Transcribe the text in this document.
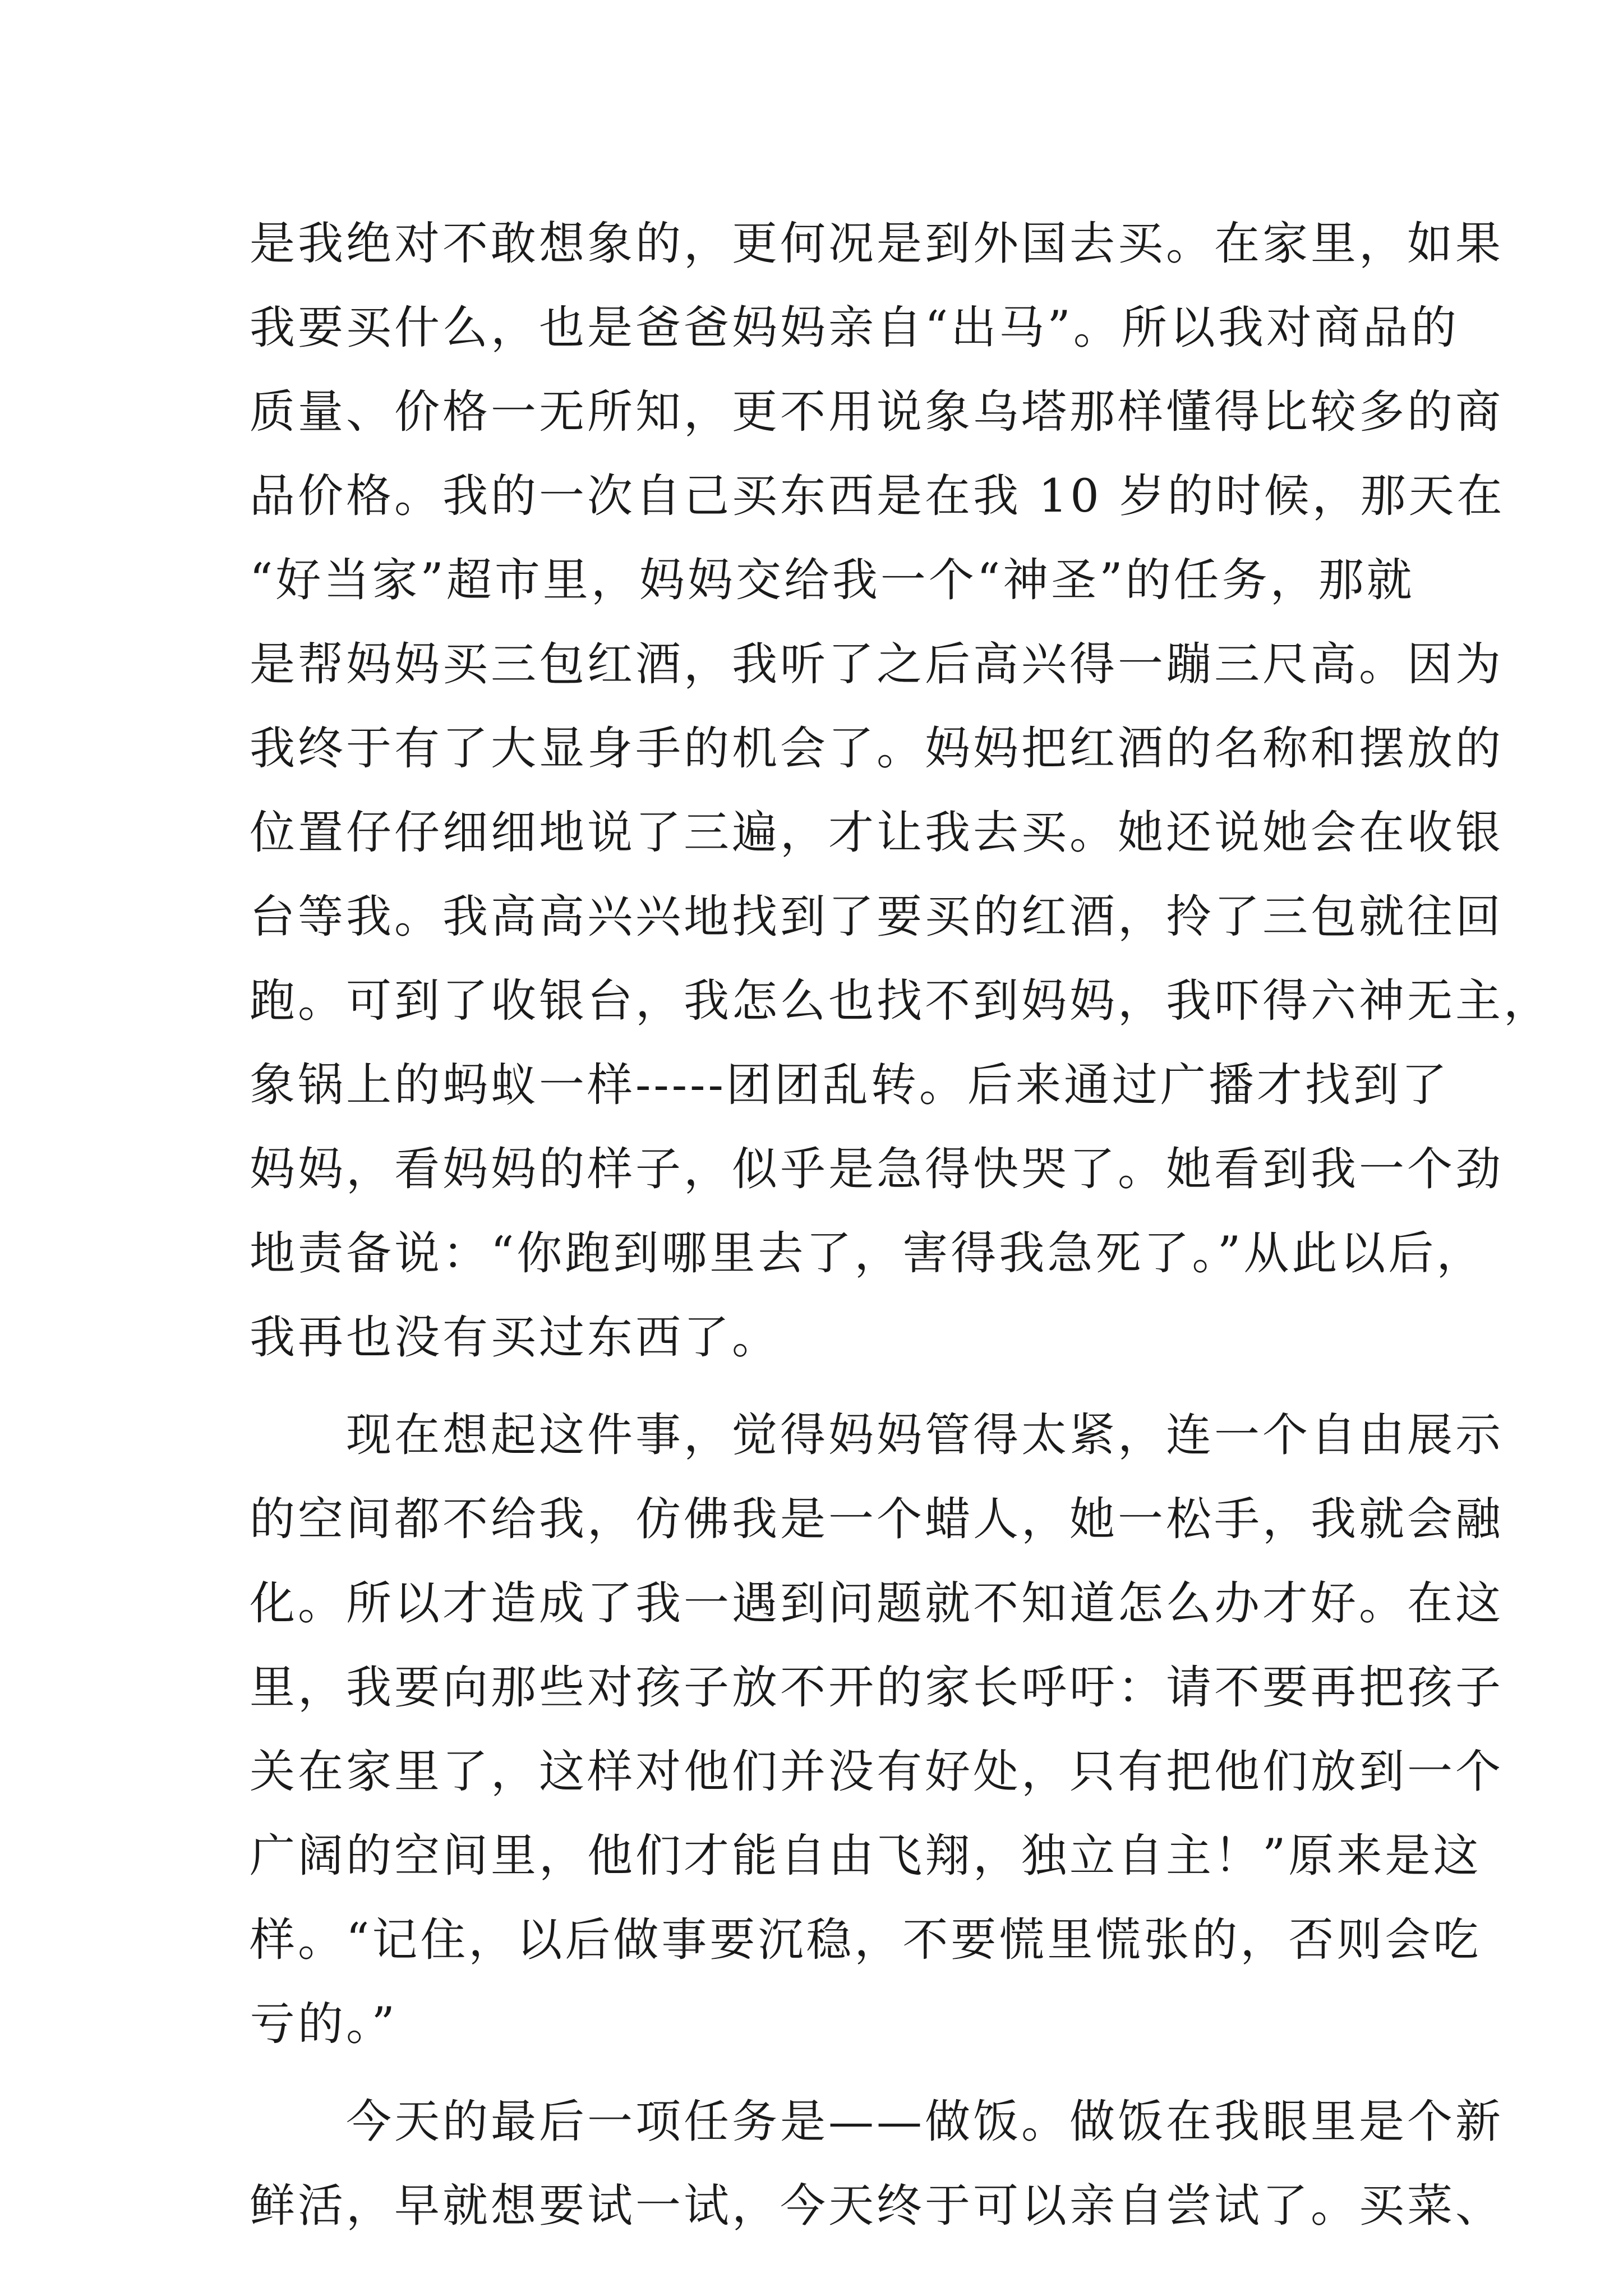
是我绝对不敢想象的，更何况是到外国去买。在家里，如果
我要买什么，也是爸爸妈妈亲自“出马”。所以我对商品的
质量、价格一无所知，更不用说象乌塔那样懂得比较多的商
品价格。我的一次自己买东西是在我 10 岁的时候，那天在
“好当家”超市里，妈妈交给我一个“神圣”的任务，那就
是帮妈妈买三包红酒，我听了之后高兴得一蹦三尺高。因为
我终于有了大显身手的机会了。妈妈把红酒的名称和摆放的
位置仔仔细细地说了三遍，才让我去买。她还说她会在收银
台等我。我高高兴兴地找到了要买的红酒，拎了三包就往回
跑。可到了收银台，我怎么也找不到妈妈，我吓得六神无主，
象锅上的蚂蚁一样-----团团乱转。后来通过广播才找到了
妈妈，看妈妈的样子，似乎是急得快哭了。她看到我一个劲
地责备说：“你跑到哪里去了，害得我急死了。”从此以后，
我再也没有买过东西了。
现在想起这件事，觉得妈妈管得太紧，连一个自由展示
的空间都不给我，仿佛我是一个蜡人，她一松手，我就会融
化。所以才造成了我一遇到问题就不知道怎么办才好。在这
里，我要向那些对孩子放不开的家长呼吁：请不要再把孩子
关在家里了，这样对他们并没有好处，只有把他们放到一个
广阔的空间里，他们才能自由飞翔，独立自主！”原来是这
样。“记住，以后做事要沉稳，不要慌里慌张的，否则会吃
亏的。”
今天的最后一项任务是——做饭。做饭在我眼里是个新
鲜活，早就想要试一试，今天终于可以亲自尝试了。买菜、
